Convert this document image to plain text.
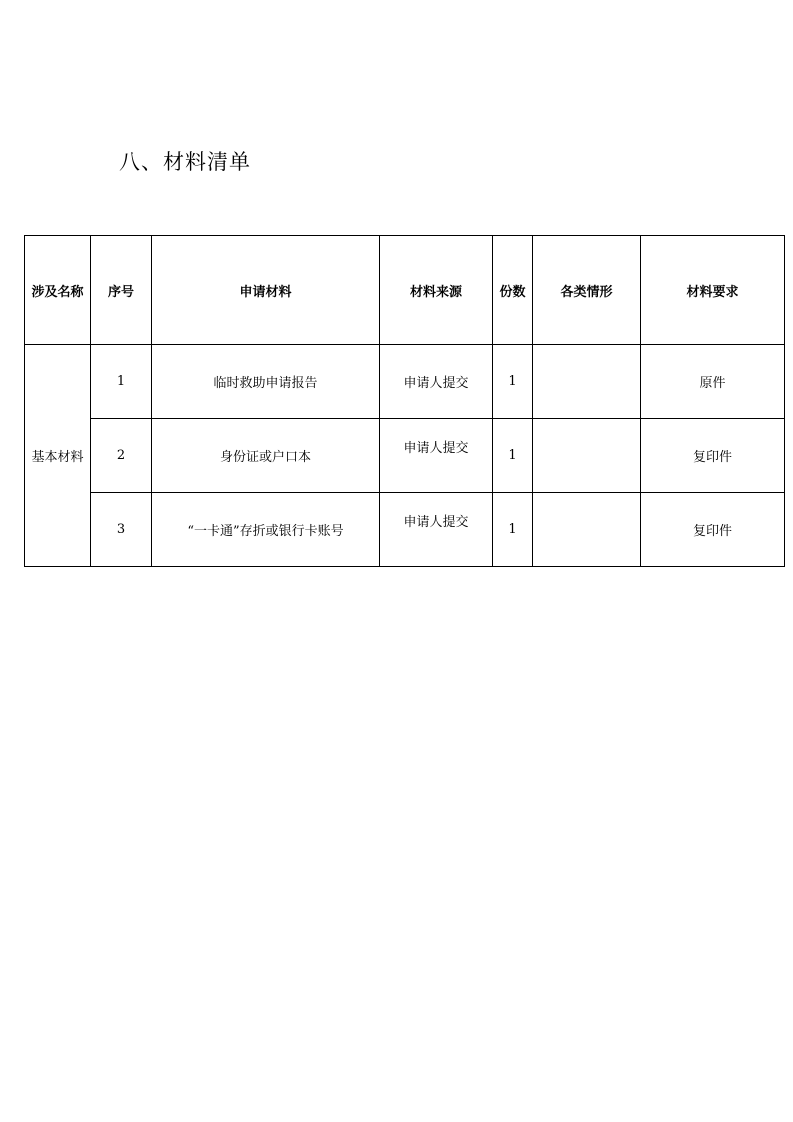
八、材料清单
涉及名称	序号	申请材料	材料来源	份数	各类情形	材料要求
基本材料	1	临时救助申请报告	申请人提交	1		原件
	2	身份证或户口本	申请人提交	1		复印件
	3	“一卡通”存折或银行卡账号	申请人提交	1		复印件
